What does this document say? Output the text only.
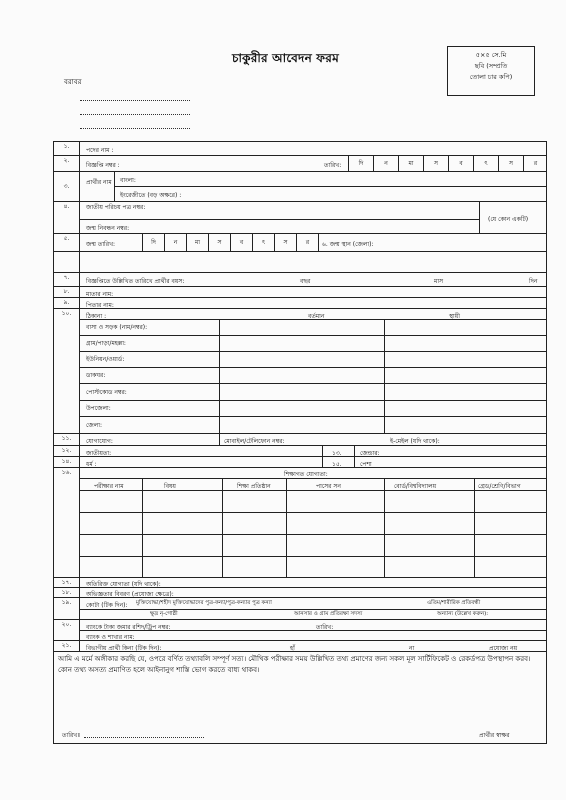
চাকুরীর আবেদন ফরম	৫×৫ সে.মি
ছবি (সম্প্রতি
তোলা চার কপি)
বরাবর
১.
পদের নাম :
২.
বিজ্ঞপ্তি নম্বর :	তারিখ:	দি	ন	মা	স	ব	ৎ	স	র
৩.
প্রার্থীর নাম বাংলা:
ইংরেজীতে (বড় অক্ষরে) :
৪.	জাতীয় পরিচয় পত্র নম্বর:
জন্ম নিবন্ধন নম্বর:
(যে কোন একটি)
৫.
জন্ম তারিখ:	দি	ন	মা	স	ব	ৎ	স	র	৬. জন্ম স্থান (জেলা):
৭.
বিজ্ঞপ্তিতে উল্লিখিত তারিখে প্রার্থীর বয়স:	বছর	মাস	দিন
৮.	মাতার নাম:
৯.	পিতার নাম:
১০.	ঠিকানা :	বর্তমান	স্থায়ী
বাসা ও সড়ক (নাম/নম্বর):
গ্রাম/পাড়া/মহল্লা:
ইউনিয়ন/ওয়ার্ড:
ডাকঘর:
পোস্টকোড নম্বর:
উপজেলা:
জেলা:
১১.	যোগাযোগ:	মোবাইল/টেলিফোন নম্বর:	ই-মেইল (যদি থাকে):
১২.	জাতীয়তা:	১৩.	জেন্ডার:
১৪.	ধর্ম :	১৫.	পেশা
১৬.	শিক্ষাগত যোগ্যতা:
পরীক্ষার নাম	বিষয়	শিক্ষা প্রতিষ্ঠান	পাসের সন	বোর্ড/বিশ্ববিদ্যালয়	গ্রেড/শ্রেণি/বিভাগ
১৭.	অতিরিক্ত যোগ্যতা (যদি থাকে):
১৮.	অভিজ্ঞতার বিবরণ (প্রযোজ্য ক্ষেত্রে):
১৯.	কোটা (টিক দিন): মুক্তিযোদ্ধা/শহীদ মুক্তিযোদ্ধাদের পুত্র-কন্যা/পুত্র-কন্যার পুত্র কন্যা	এতিম/শারীরিক প্রতিবন্ধী
ক্ষুদ্র নৃ-গোষ্ঠী	আনসার ও গ্রাম প্রতিরক্ষা সদস্য	অন্যান্য (উল্লেখ করুন):
২০.	ব্যাংকে টাকা জমার রশিদ/ট্রিপ নম্বর:	তারিখ:
ব্যাংক ও শাখার নাম:
২১.	বিভাগীয় প্রার্থী কিনা (টিক দিন):	হাঁ	না	প্রযোজ্য নয়
আমি এ মর্মে অঙ্গীকার করছি যে, ওপরে বর্ণিত তথ্যাবলি সম্পূর্ণ সত্য। মৌখিক পরীক্ষার সময় উল্লিখিত তথ্য প্রমাণের জন্য সকল মূল সার্টিফিকেট ও রেকর্ডপত্র উপস্থাপন করব। কোন তথ্য অসত্য প্রমাণিত হলে আইনানুগ শাস্তি ভোগ করতে বাধ্য থাকব।
তারিখঃ	প্রার্থীর স্বাক্ষর
